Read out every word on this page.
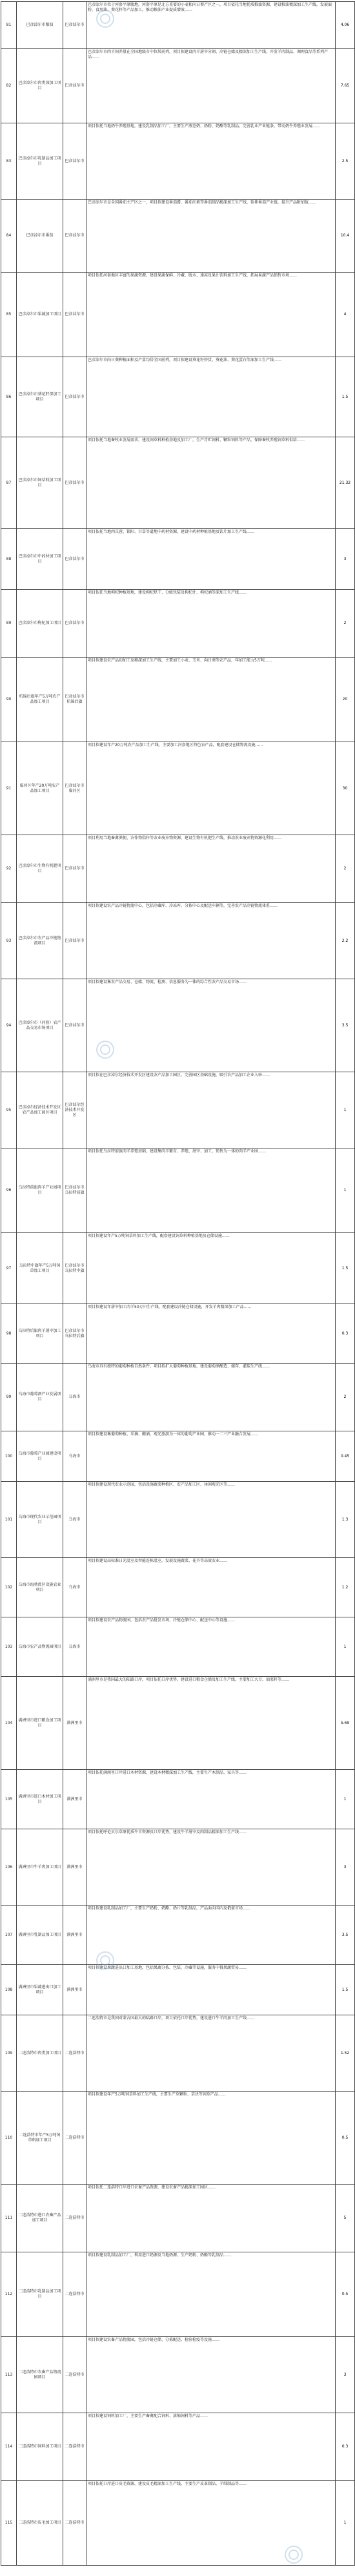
81	巴彦淖尔市粮油	巴彦淖尔市	巴彦淖尔市位于河套平原腹地，河套平原是北方重要的小麦和向日葵产区之一，项目依托当地优质粮油资源，建设粮油精深加工生产线，发展面粉、食用油、葵花籽等产品加工，推动粮油产业提质增效……	4.06
82	巴彦淖尔市肉类深加工项目	巴彦淖尔市	巴彦淖尔市肉羊饲养量在全国地级市中位居前列，项目拟建设肉羊屠宰分割、冷链仓储及精深加工生产线，开发羊肉制品、调理食品等系列产品……	7.65
83	巴彦淖尔市乳制品加工项目	巴彦淖尔市	项目依托当地奶牛养殖基地，建设乳制品加工厂，主要生产液态奶、奶粉、奶酪等乳制品，完善乳业产业链条，带动奶牛养殖业发展……	2.5
84	巴彦淖尔市番茄	巴彦淖尔市	巴彦淖尔市是全国番茄主产区之一，项目拟建设番茄酱、番茄红素等番茄制品精深加工生产线，延伸番茄产业链，提升产品附加值……	10.4
85	巴彦淖尔市果蔬加工项目	巴彦淖尔市	项目依托河套地区丰富的果蔬资源，建设果蔬保鲜、冷藏、脱水、速冻及果汁饮料加工生产线，拓展果蔬产品销售市场……	4
86	巴彦淖尔市葵花籽深加工项目	巴彦淖尔市	巴彦淖尔市向日葵种植面积及产量均居全国前列，项目拟建设葵花籽炒货、葵花油、葵花蛋白等深加工生产线……	1.5
87	巴彦淖尔市饲草料加工项目	巴彦淖尔市	项目依托当地畜牧业发展需求，建设饲草料种植基地及加工厂，生产青贮饲料、颗粒饲料等产品，保障畜牧养殖饲草料供给……	21.32
88	巴彦淖尔市中药材加工项目	巴彦淖尔市	项目依托当地肉苁蓉、锁阳、甘草等道地中药材资源，建设中药材种植基地及饮片加工生产线……	3
89	巴彦淖尔市枸杞加工项目	巴彦淖尔市	项目依托当地枸杞种植基地，建设枸杞烘干、分级包装及枸杞汁、枸杞酒等深加工生产线……	2
90	杭锦后旗年产5万吨农产品加工项目	巴彦淖尔市杭锦后旗	项目拟建设农产品初加工及精深加工生产线，主要加工小麦、玉米、向日葵等农产品，年加工能力5万吨……	20
91	临河区年产20万吨农产品加工项目	巴彦淖尔市临河区	项目拟建设年产20万吨农产品加工生产线，主要加工河套地区特色农产品，配套建设仓储物流设施……	30
92	巴彦淖尔市生物有机肥项目	巴彦淖尔市	项目利用当地畜禽粪便、农作物秸秆等农业废弃物资源，建设生物有机肥生产线，推动农业废弃物资源化利用……	2
93	巴彦淖尔市农产品冷链物流项目	巴彦淖尔市	项目拟建设农产品冷链物流中心，包括冷藏库、冷冻库、分拣中心及配送车辆等，完善农产品冷链物流体系……	2.2
94	巴彦淖尔市（河套）农产品交易市场项目	巴彦淖尔市	项目拟建设集农产品交易、仓储、物流、检测、信息服务为一体的综合性农产品交易市场……	3.5
95	巴彦淖尔经济技术开发区农产品加工园区项目	巴彦淖尔经济技术开发区	项目拟在巴彦淖尔经济技术开发区建设农产品加工园区，完善园区基础设施，吸引农产品加工企业入驻……	1
96	乌拉特前旗肉羊产业园项目	巴彦淖尔市乌拉特前旗	项目依托乌拉特前旗肉羊养殖基础，建设集肉羊繁育、养殖、屠宰、加工、销售为一体的肉羊产业园……	1
97	乌拉特中旗年产5万吨饲草加工项目	巴彦淖尔市乌拉特中旗	项目拟建设年产5万吨饲草料加工生产线，配套建设饲草料种植基地及仓储设施……	1.5
98	乌拉特后旗肉羊屠宰加工项目	巴彦淖尔市乌拉特后旗	项目拟建设年屠宰加工肉羊50万只生产线，配套建设冷链仓储设施，开发羊肉精深加工产品……	0.3
99	乌海市葡萄酒产业发展项目	乌海市	乌海市具有独特的葡萄种植自然条件，项目拟扩大葡萄种植基地，建设葡萄酒酿造、储存、灌装生产线……	2
100	乌海市葡萄产业园建设项目	乌海市	项目拟建设集葡萄种植、采摘、酿酒、观光旅游为一体的葡萄产业园，推动一二三产业融合发展……	0.45
101	乌海市现代农业示范园项目	乌海市	项目拟建设现代农业示范园，包括设施蔬菜种植区、农产品加工区、休闲观光区等……	1.3
102	乌海市海勃湾区设施农业项目	乌海市	项目拟建设高标准日光温室及智能连栋温室，发展设施蔬菜、花卉等高效农业……	1.2
103	乌海市农产品物流园项目	乌海市	项目拟建设农产品物流园，包括农产品批发市场、冷链仓储中心、配送中心等设施……	1
104	满洲里市进口粮食加工项目	满洲里市	满洲里市是我国最大的陆路口岸，项目依托口岸优势，建设进口粮食仓储及加工生产线，主要加工大豆、油菜籽等……	5.69
105	满洲里市进口木材加工项目	满洲里市	项目依托满洲里口岸进口木材资源，建设木材精深加工生产线，主要生产木制品、家具等……	1
106	满洲里市牛羊肉加工项目	满洲里市	项目依托呼伦贝尔草原优质牛羊资源及口岸优势，建设牛羊屠宰及肉制品精深加工生产线……	3
107	满洲里市乳制品加工项目	满洲里市	项目拟建设乳制品加工厂，主要生产奶粉、奶酪、奶片等乳制品，产品面向国内及俄蒙市场……	3.5
108	满洲里市果蔬进出口加工项目	满洲里市	项目拟建设果蔬进出口加工基地，包括果蔬分拣、包装、冷藏等设施，服务中俄果蔬贸易……	1.5
109	二连浩特市肉类加工项目	二连浩特市	二连浩特市是我国对蒙古国最大的陆路口岸，项目依托口岸优势，建设进口牛羊肉加工生产线……	1.52
110	二连浩特市年产5万吨饲草料加工项目	二连浩特市	项目拟建设年产5万吨饲草料加工生产线，主要生产草颗粒、草块等饲草产品……	0.5
111	二连浩特市进口农畜产品加工项目	二连浩特市	项目依托二连浩特口岸进口农畜产品资源，建设农畜产品精深加工园区……	5
112	二连浩特市乳制品加工项目	二连浩特市	项目拟建设乳制品加工厂，利用进口奶源及当地奶源，生产奶粉、奶酪等乳制品……	0.5
113	二连浩特市农畜产品物流园项目	二连浩特市	项目拟建设农畜产品物流园，包括冷链仓储、分拣配送、检验检疫等设施……	3
114	二连浩特市饲料加工项目	二连浩特市	项目拟建设饲料加工厂，主要生产畜禽配合饲料、浓缩饲料等产品……	0.3
115	二连浩特市皮毛加工项目	二连浩特市	项目依托口岸进口皮毛资源，建设皮毛精深加工生产线，主要生产皮革制品、羊绒制品等……	1
